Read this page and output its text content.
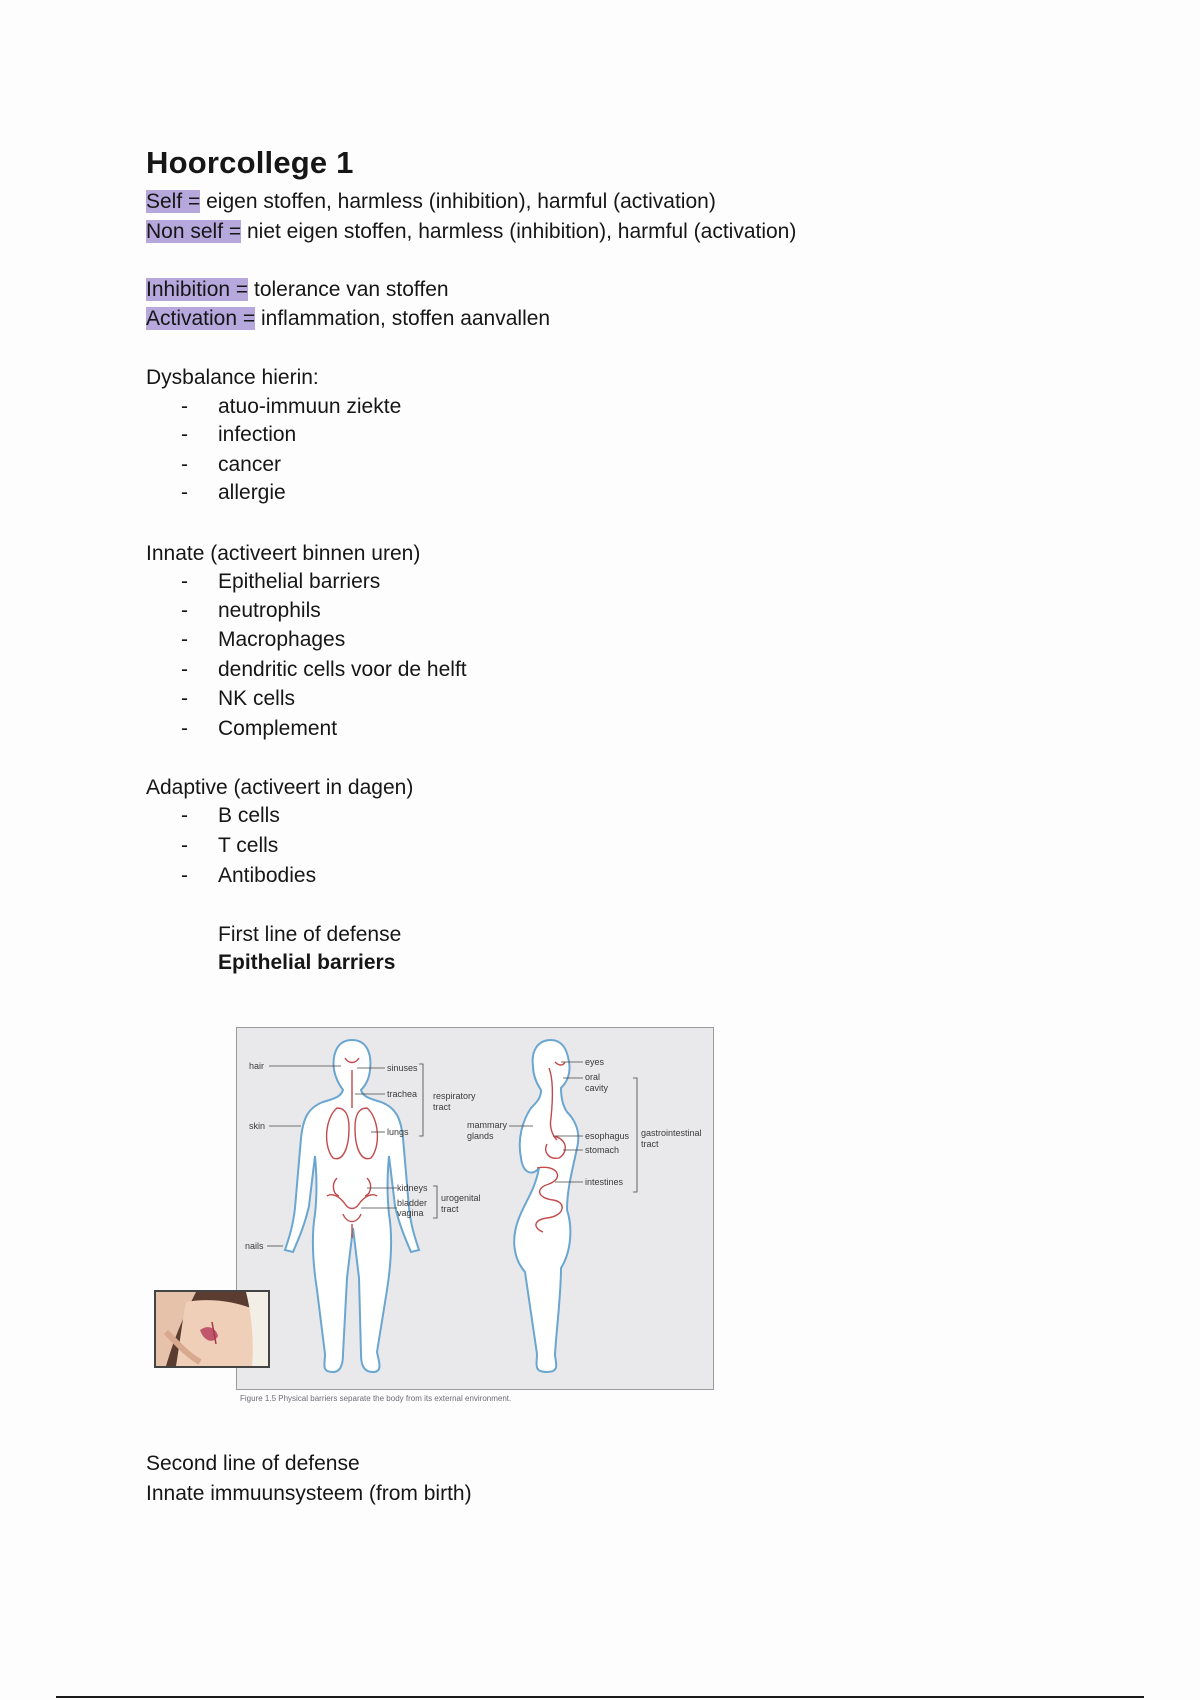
Hoorcollege 1
Self = eigen stoffen, harmless (inhibition), harmful (activation)
Non self = niet eigen stoffen, harmless (inhibition), harmful (activation)
Inhibition = tolerance van stoffen
Activation = inflammation, stoffen aanvallen
Dysbalance hierin:
- atuo-immuun ziekte
- infection
- cancer
- allergie
Innate (activeert binnen uren)
- Epithelial barriers
- neutrophils
- Macrophages
- dendritic cells voor de helft
- NK cells
- Complement
Adaptive (activeert in dagen)
- B cells
- T cells
- Antibodies
First line of defense
Epithelial barriers
hair
skin
nails
sinuses
trachea
lungs
respiratory
tract
mammary
glands
kidneys
bladder
vagina
urogenital
tract
eyes
oral
cavity
esophagus
stomach
intestines
gastrointestinal
tract
Figure 1.5 Physical barriers separate the body from its external environment.
Second line of defense
Innate immuunsysteem (from birth)
